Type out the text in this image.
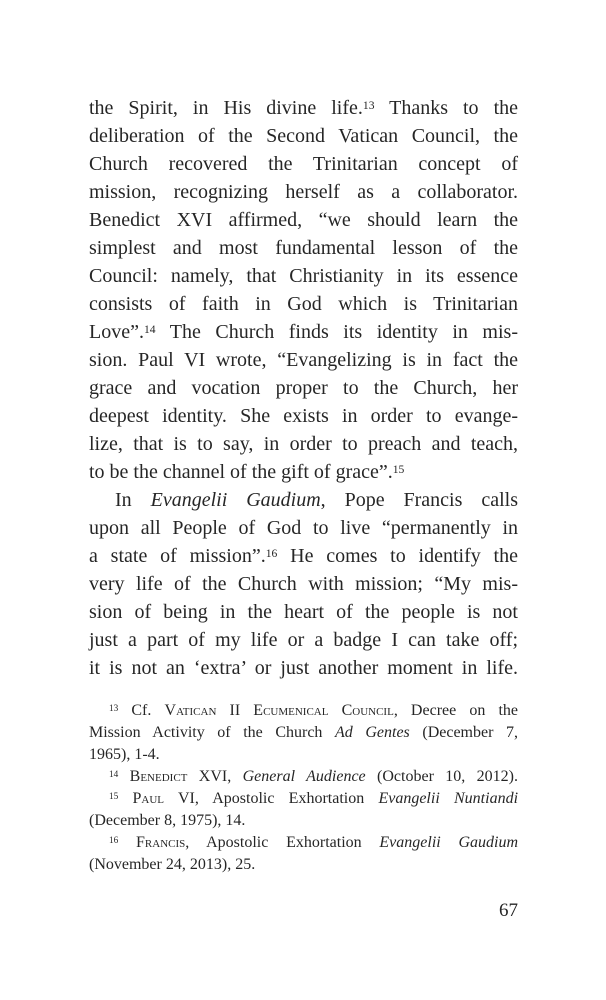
the Spirit, in His divine life.$^{13}$ Thanks to the
deliberation of the Second Vatican Council, the
Church recovered the Trinitarian concept of
mission, recognizing herself as a collaborator.
Benedict XVI affirmed, “we should learn the
simplest and most fundamental lesson of the
Council: namely, that Christianity in its essence
consists of faith in God which is Trinitarian
Love”.$^{14}$ The Church finds its identity in mis-
sion. Paul VI wrote, “Evangelizing is in fact the
grace and vocation proper to the Church, her
deepest identity. She exists in order to evange-
lize, that is to say, in order to preach and teach,
to be the channel of the gift of grace”.$^{15}$
In Evangelii Gaudium, Pope Francis calls
upon all People of God to live “permanently in
a state of mission”.$^{16}$ He comes to identify the
very life of the Church with mission; “My mis-
sion of being in the heart of the people is not
just a part of my life or a badge I can take off;
it is not an ‘extra’ or just another moment in life.
$^{13}$ Cf. Vatican II Ecumenical Council, Decree on the
Mission Activity of the Church Ad Gentes (December 7,
1965), 1-4.
$^{14}$ Benedict XVI, General Audience (October 10, 2012).
$^{15}$ Paul VI, Apostolic Exhortation Evangelii Nuntiandi
(December 8, 1975), 14.
$^{16}$ Francis, Apostolic Exhortation Evangelii Gaudium
(November 24, 2013), 25.
67
